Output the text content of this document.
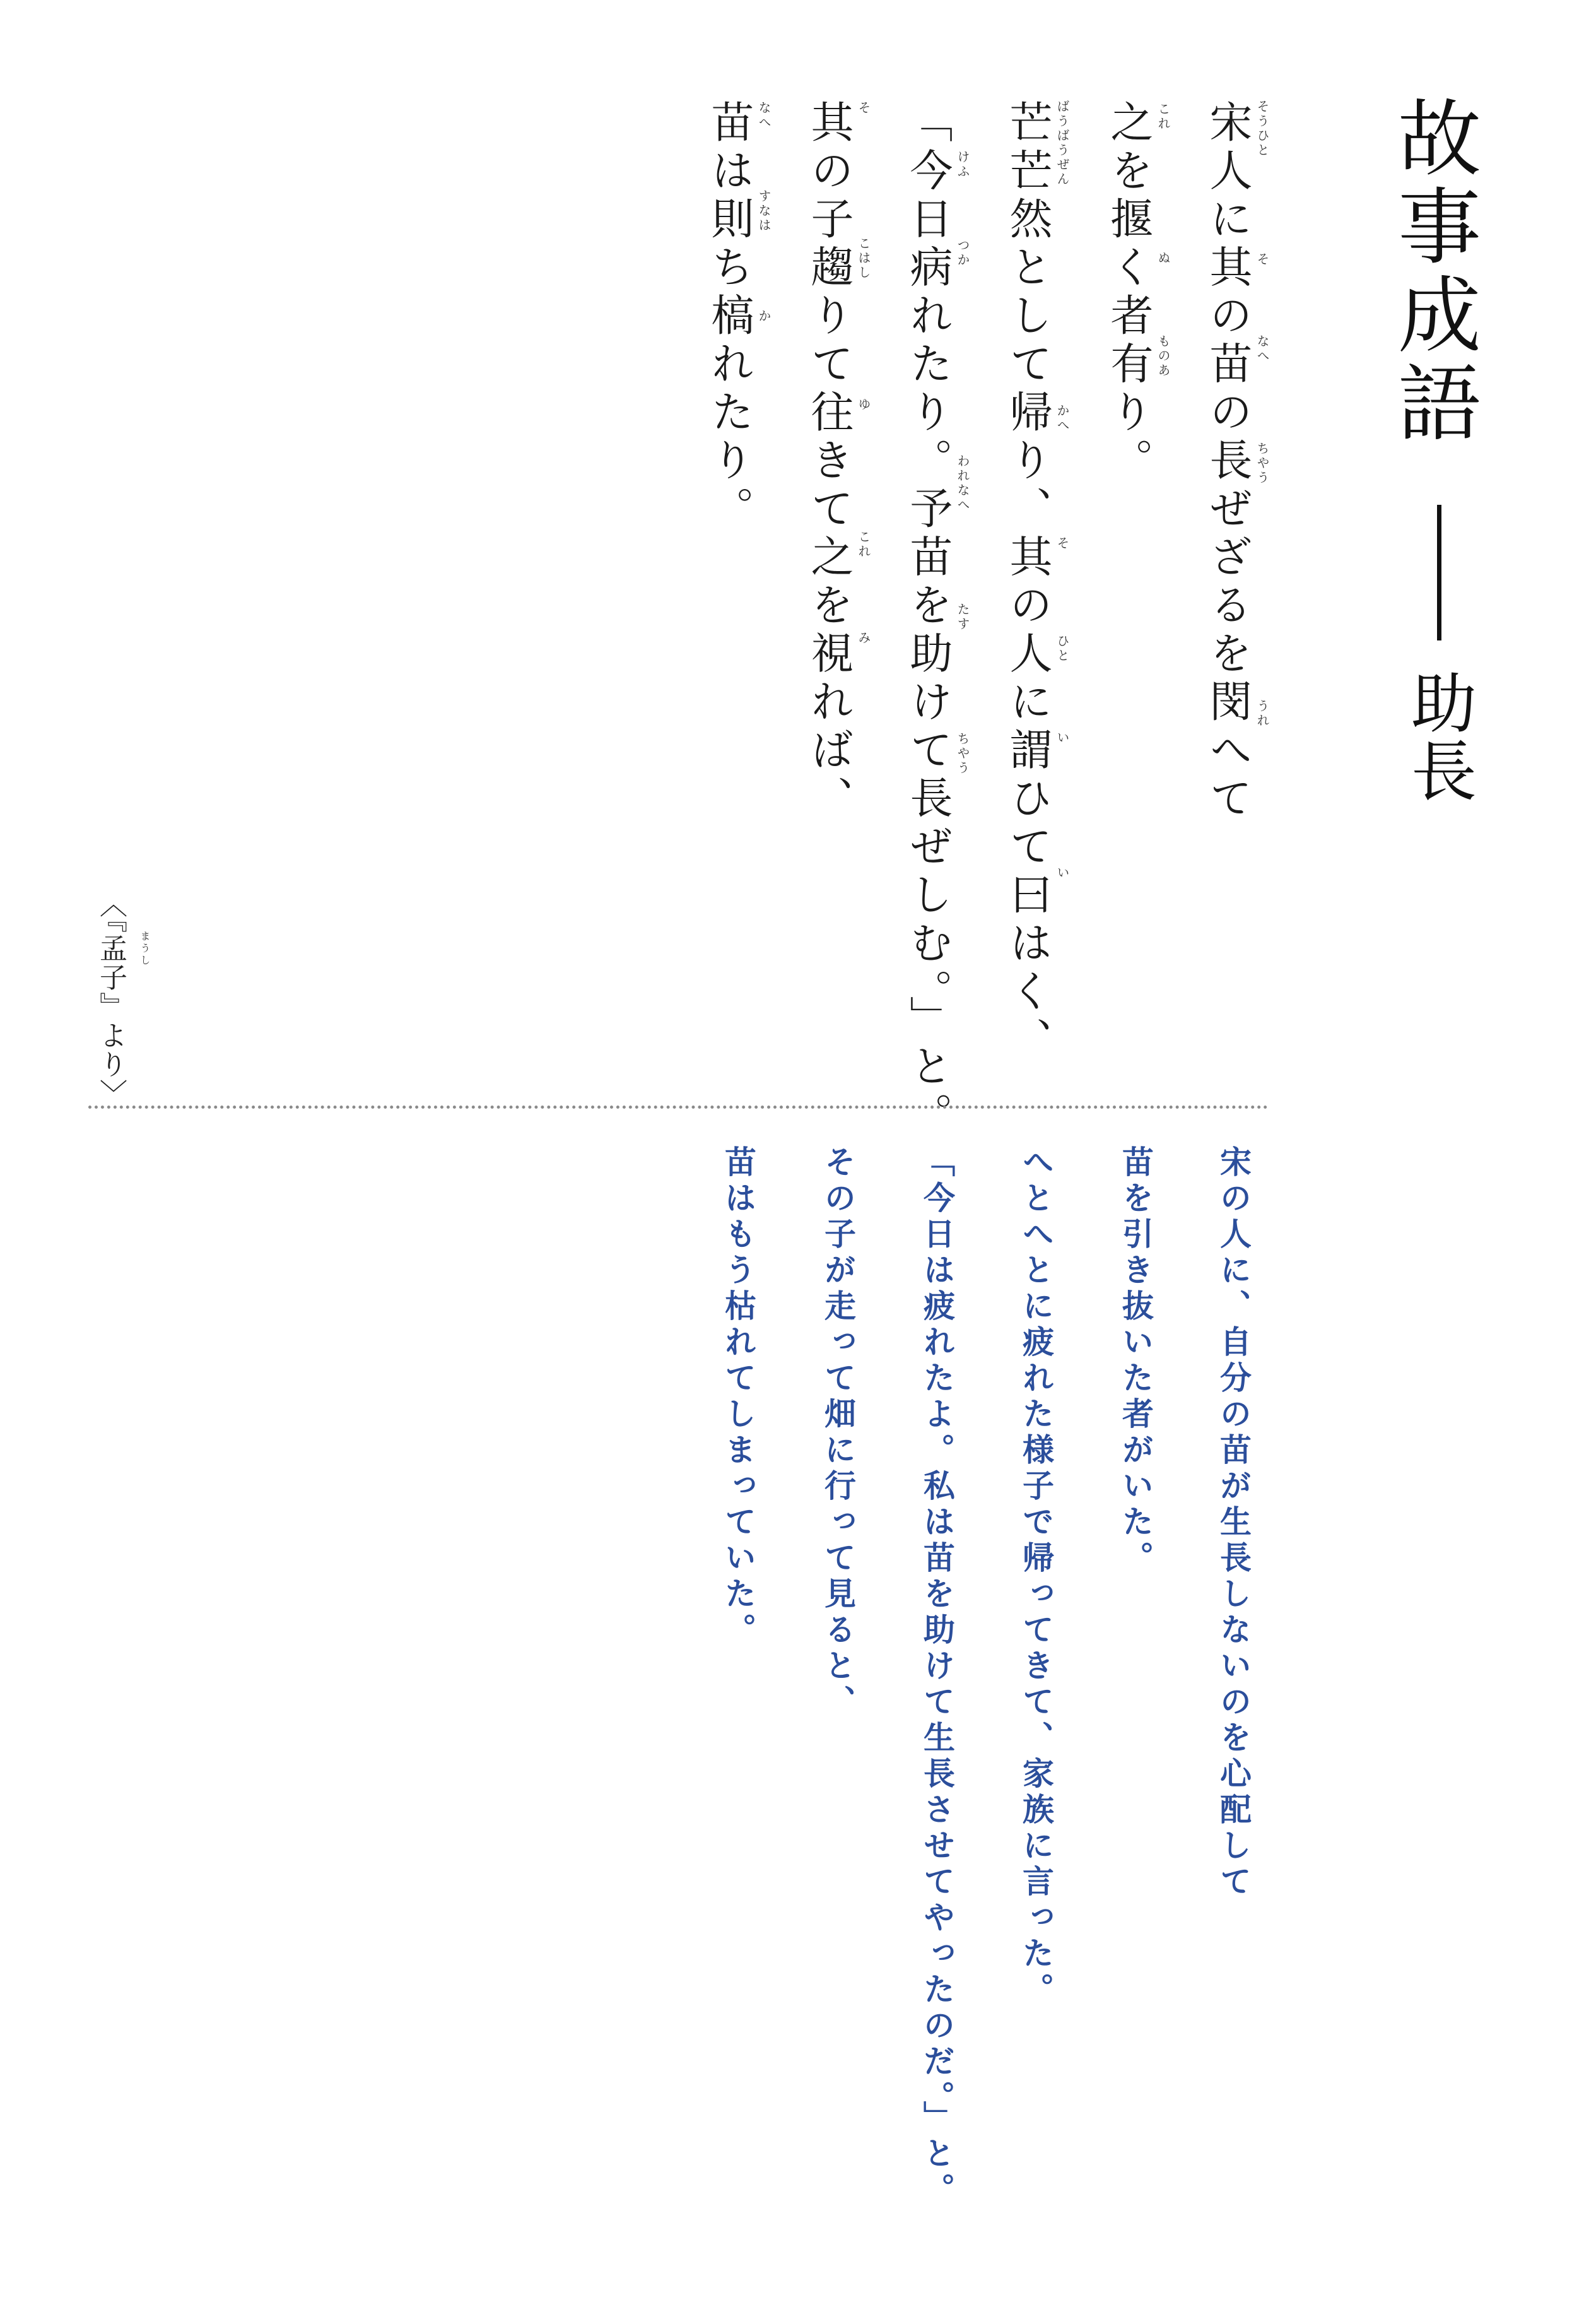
故事成語

助長

宋人に其の苗の長ぜざるを閔へて

之を揠く者有り。

芒芒然として帰り、其の人に謂ひて曰はく、

「今日病れたり。予苗を助けて長ぜしむ。」と。

其の子趨りて往きて之を視れば、

苗は則ち槁れたり。	そうひと
そ
なへ
ちやう
うれ
これ
ぬ
ものあ
ばうばうぜん
かへ
そ
ひと
い
い
けふ
つか
われなへ
たす
ちやう
そ
こはし
ゆ
これ
み
なへ
すなは
か

〈『孟子』より〉 まうし

宋の人に、自分の苗が生長しないのを心配して

苗を引き抜いた者がいた。

へとへとに疲れた様子で帰ってきて、家族に言った。

「今日は疲れたよ。私は苗を助けて生長させてやったのだ。」と。

その子が走って畑に行って見ると、

苗はもう枯れてしまっていた。
